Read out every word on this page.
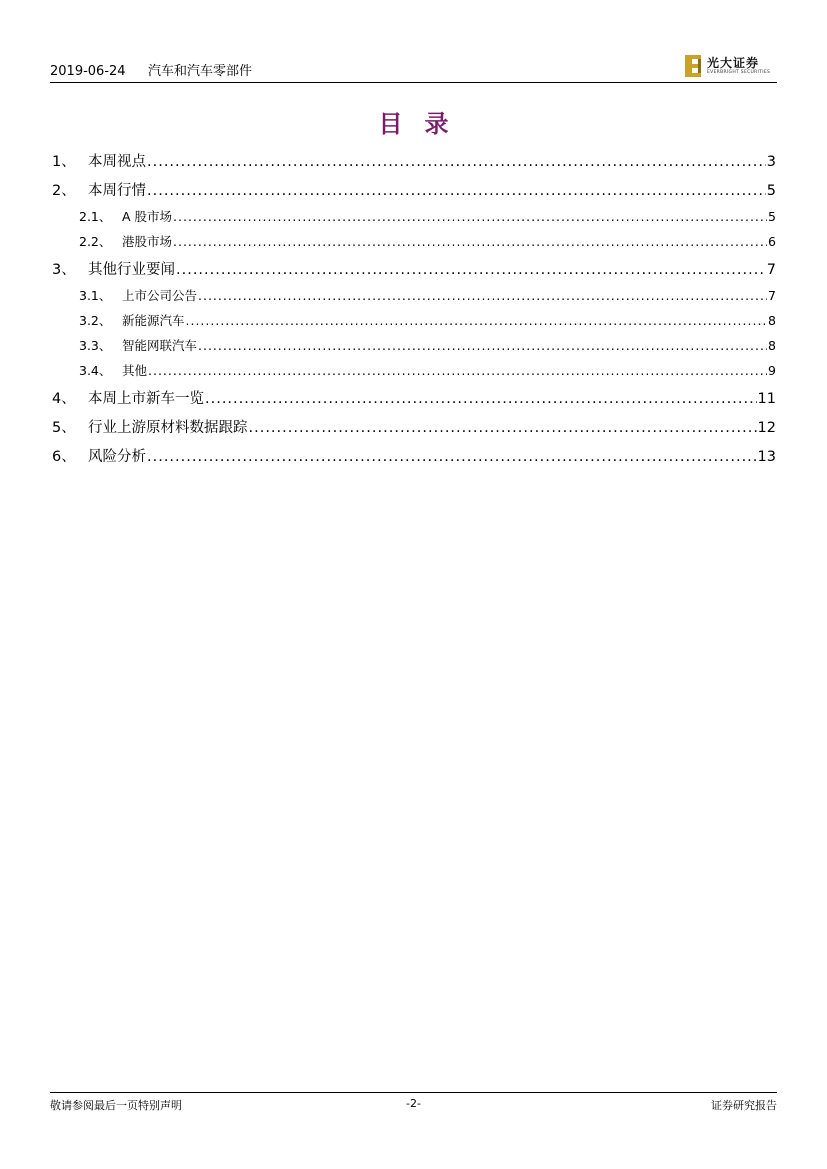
2019-06-24 汽车和汽车零部件
光大证券
EVERBRIGHT SECURITIES
目录
1、 本周视点 .....	3
2、 本周行情 .....	5
2.1、 A 股市场 .....	5
2.2、 港股市场 .....	6
3、 其他行业要闻 .....	7
3.1、 上市公司公告 .....	7
3.2、 新能源汽车 .....	8
3.3、 智能网联汽车 .....	8
3.4、 其他 .....	9
4、 本周上市新车一览 .....	11
5、 行业上游原材料数据跟踪 .....	12
6、 风险分析 .....	13
敬请参阅最后一页特别声明	-2-	证券研究报告
